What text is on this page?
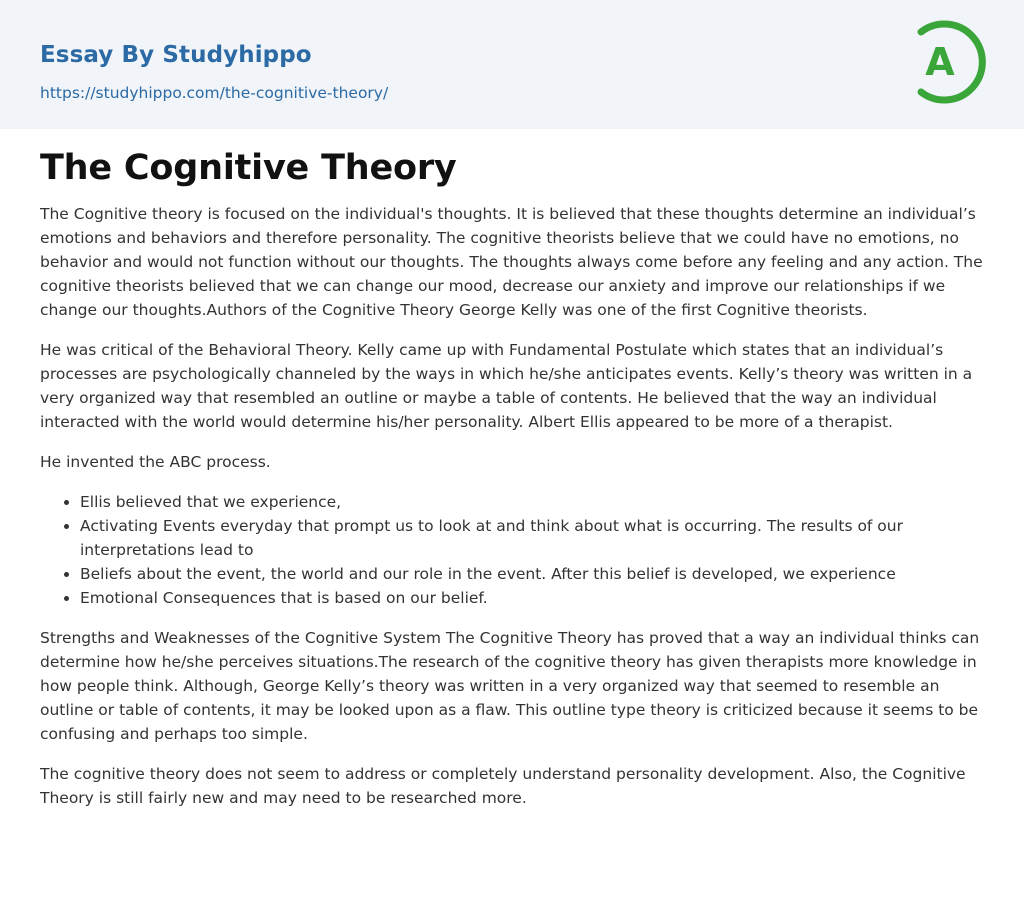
Essay By Studyhippo
https://studyhippo.com/the-cognitive-theory/
A
The Cognitive Theory

The Cognitive theory is focused on the individual's thoughts. It is believed that these thoughts determine an individual’s emotions and behaviors and therefore personality. The cognitive theorists believe that we could have no emotions, no behavior and would not function without our thoughts. The thoughts always come before any feeling and any action. The cognitive theorists believed that we can change our mood, decrease our anxiety and improve our relationships if we change our thoughts.Authors of the Cognitive Theory George Kelly was one of the first Cognitive theorists.

He was critical of the Behavioral Theory. Kelly came up with Fundamental Postulate which states that an individual’s processes are psychologically channeled by the ways in which he/she anticipates events. Kelly’s theory was written in a very organized way that resembled an outline or maybe a table of contents. He believed that the way an individual interacted with the world would determine his/her personality. Albert Ellis appeared to be more of a therapist.

He invented the ABC process.

• Ellis believed that we experience,
• Activating Events everyday that prompt us to look at and think about what is occurring. The results of our interpretations lead to
• Beliefs about the event, the world and our role in the event. After this belief is developed, we experience
• Emotional Consequences that is based on our belief.

Strengths and Weaknesses of the Cognitive System The Cognitive Theory has proved that a way an individual thinks can determine how he/she perceives situations.The research of the cognitive theory has given therapists more knowledge in how people think. Although, George Kelly’s theory was written in a very organized way that seemed to resemble an outline or table of contents, it may be looked upon as a flaw. This outline type theory is criticized because it seems to be confusing and perhaps too simple.

The cognitive theory does not seem to address or completely understand personality development. Also, the Cognitive Theory is still fairly new and may need to be researched more.
